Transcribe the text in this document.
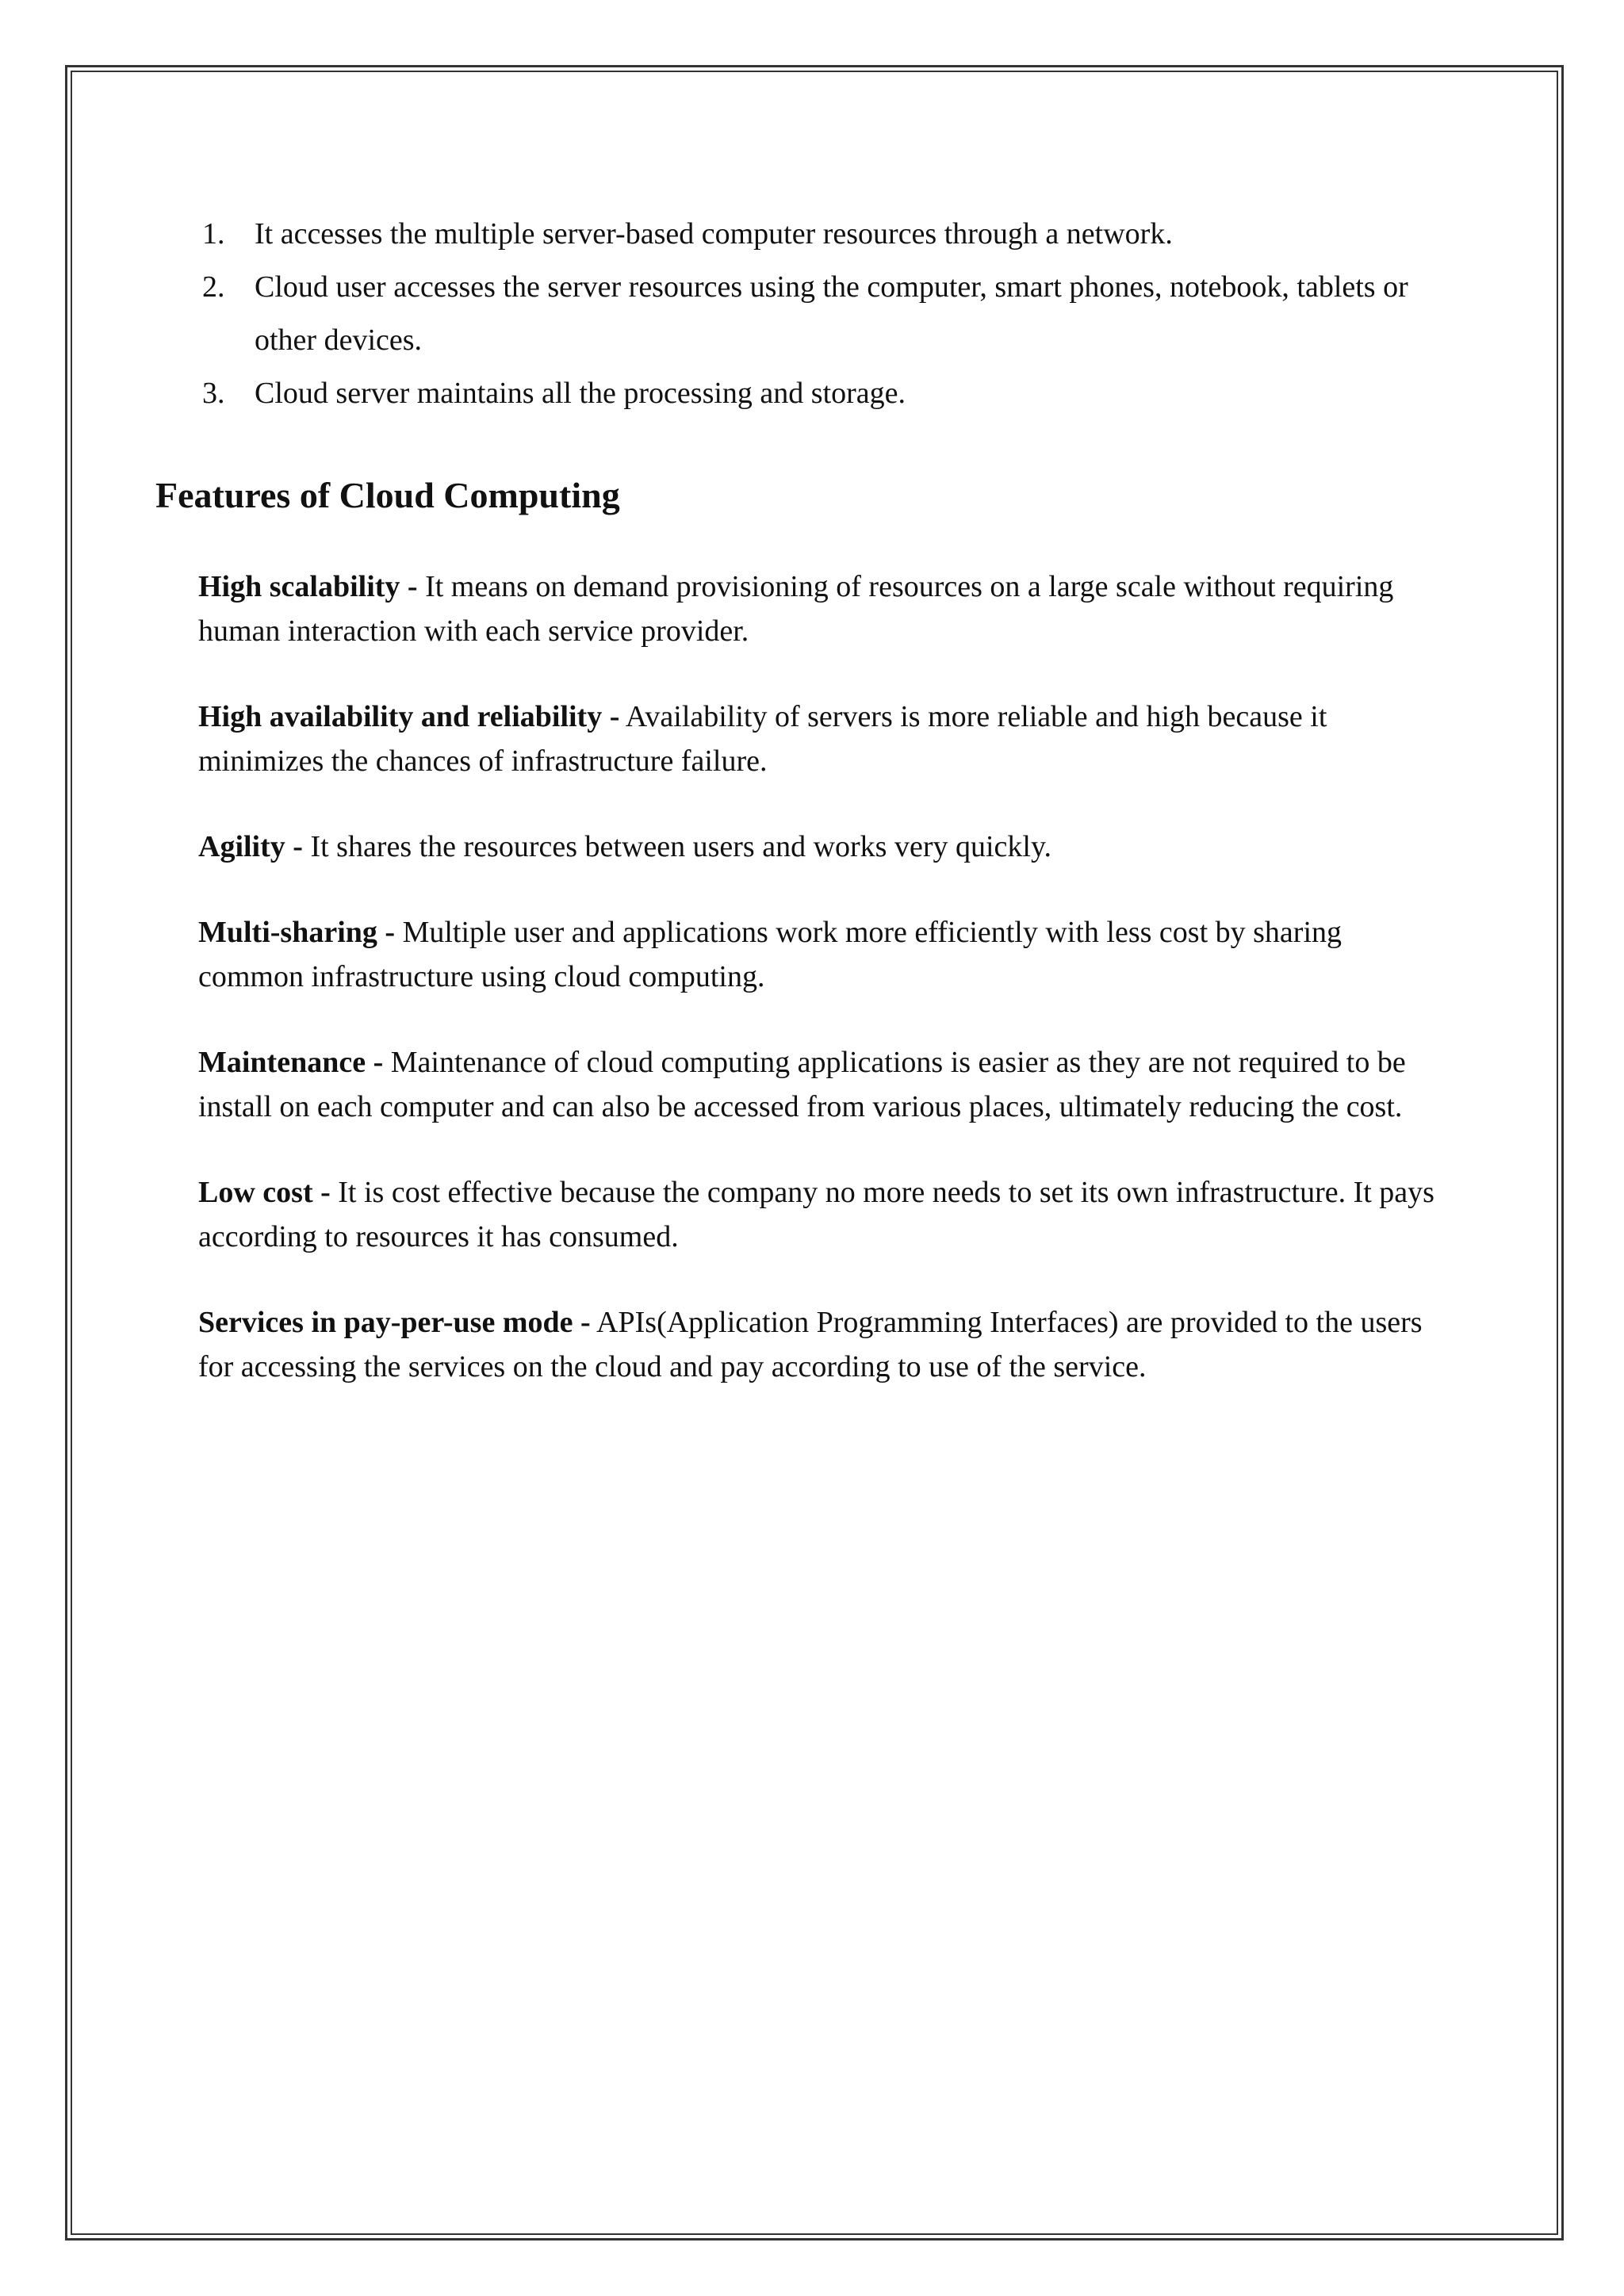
1. It accesses the multiple server-based computer resources through a network.
2. Cloud user accesses the server resources using the computer, smart phones, notebook, tablets or other devices.
3. Cloud server maintains all the processing and storage.
Features of Cloud Computing

High scalability - It means on demand provisioning of resources on a large scale without requiring human interaction with each service provider.

High availability and reliability - Availability of servers is more reliable and high because it minimizes the chances of infrastructure failure.

Agility - It shares the resources between users and works very quickly.

Multi-sharing - Multiple user and applications work more efficiently with less cost by sharing common infrastructure using cloud computing.

Maintenance - Maintenance of cloud computing applications is easier as they are not required to be install on each computer and can also be accessed from various places, ultimately reducing the cost.

Low cost - It is cost effective because the company no more needs to set its own infrastructure. It pays according to resources it has consumed.

Services in pay-per-use mode - APIs(Application Programming Interfaces) are provided to the users for accessing the services on the cloud and pay according to use of the service.
